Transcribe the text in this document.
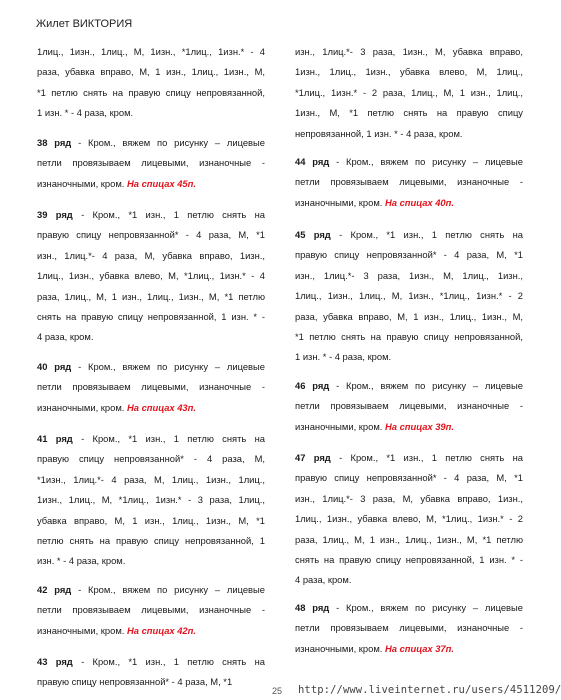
Жилет ВИКТОРИЯ
1лиц., 1изн., 1лиц., М, 1изн., *1лиц., 1изн.* - 4
раза, убавка вправо, М, 1 изн., 1лиц., 1изн., М,
*1 петлю снять на правую спицу непровязанной,
1 изн. * - 4 раза, кром.
38 ряд - Кром., вяжем по рисунку – лицевые
петли провязываем лицевыми, изнаночные -
изнаночными, кром. На спицах 45п.
39 ряд - Кром., *1 изн., 1 петлю снять на
правую спицу непровязанной* - 4 раза, М, *1
изн., 1лиц.*- 4 раза, М, убавка вправо, 1изн.,
1лиц., 1изн., убавка влево, М, *1лиц., 1изн.* - 4
раза, 1лиц., М, 1 изн., 1лиц., 1изн., М, *1 петлю
снять на правую спицу непровязанной, 1 изн. * -
4 раза, кром.
40 ряд - Кром., вяжем по рисунку – лицевые
петли провязываем лицевыми, изнаночные -
изнаночными, кром. На спицах 43п.
41 ряд - Кром., *1 изн., 1 петлю снять на
правую спицу непровязанной* - 4 раза, М,
*1изн., 1лиц.*- 4 раза, М, 1лиц., 1изн., 1лиц.,
1изн., 1лиц., М, *1лиц., 1изн.* - 3 раза, 1лиц.,
убавка вправо, М, 1 изн., 1лиц., 1изн., М, *1
петлю снять на правую спицу непровязанной, 1
изн. * - 4 раза, кром.
42 ряд - Кром., вяжем по рисунку – лицевые
петли провязываем лицевыми, изнаночные -
изнаночными, кром. На спицах 42п.
43 ряд - Кром., *1 изн., 1 петлю снять на
правую спицу непровязанной* - 4 раза, М, *1
изн., 1лиц.*- 3 раза, 1изн., М, убавка вправо,
1изн., 1лиц., 1изн., убавка влево, М, 1лиц.,
*1лиц., 1изн.* - 2 раза, 1лиц., М, 1 изн., 1лиц.,
1изн., М, *1 петлю снять на правую спицу
непровязанной, 1 изн. * - 4 раза, кром.
44 ряд - Кром., вяжем по рисунку – лицевые
петли провязываем лицевыми, изнаночные -
изнаночными, кром. На спицах 40п.
45 ряд - Кром., *1 изн., 1 петлю снять на
правую спицу непровязанной* - 4 раза, М, *1
изн., 1лиц.*- 3 раза, 1изн., М, 1лиц., 1изн.,
1лиц., 1изн., 1лиц., М, 1изн., *1лиц., 1изн.* - 2
раза, убавка вправо, М, 1 изн., 1лиц., 1изн., М,
*1 петлю снять на правую спицу непровязанной,
1 изн. * - 4 раза, кром.
46 ряд - Кром., вяжем по рисунку – лицевые
петли провязываем лицевыми, изнаночные -
изнаночными, кром. На спицах 39п.
47 ряд - Кром., *1 изн., 1 петлю снять на
правую спицу непровязанной* - 4 раза, М, *1
изн., 1лиц.*- 3 раза, М, убавка вправо, 1изн.,
1лиц., 1изн., убавка влево, М, *1лиц., 1изн.* - 2
раза, 1лиц., М, 1 изн., 1лиц., 1изн., М, *1 петлю
снять на правую спицу непровязанной, 1 изн. * -
4 раза, кром.
48 ряд - Кром., вяжем по рисунку – лицевые
петли провязываем лицевыми, изнаночные -
изнаночными, кром. На спицах 37п.
25 http://www.liveinternet.ru/users/4511209/
